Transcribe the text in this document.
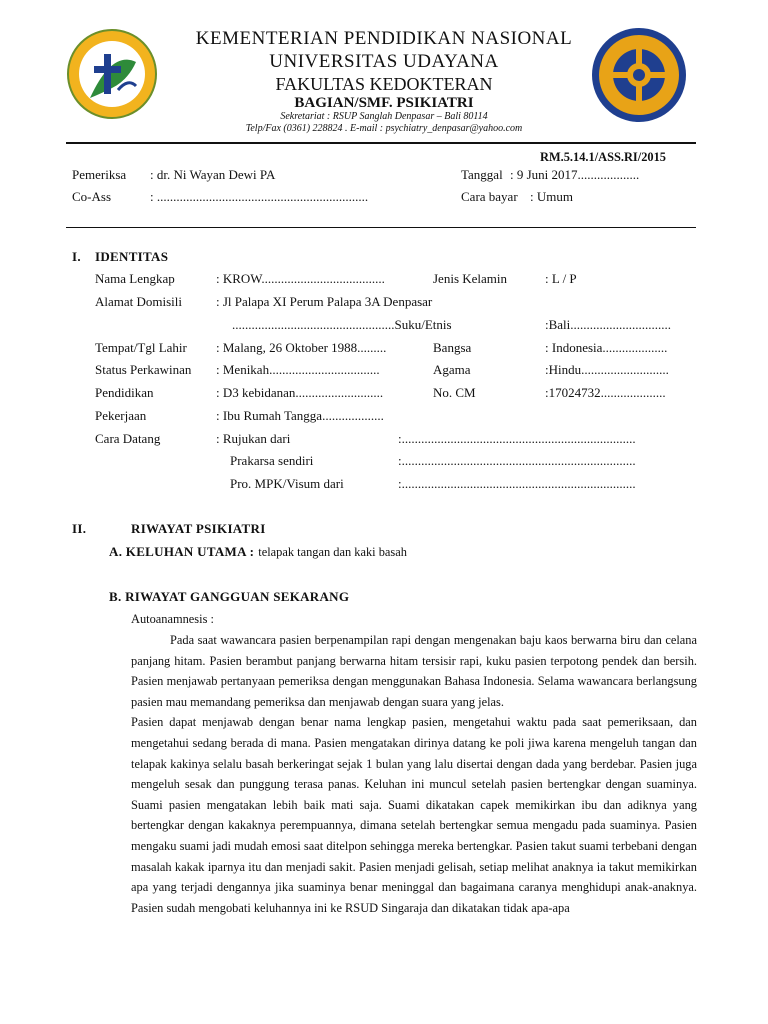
KEMENTERIAN PENDIDIKAN NASIONAL
UNIVERSITAS UDAYANA
FAKULTAS KEDOKTERAN
BAGIAN/SMF. PSIKIATRI
Sekretariat : RSUP Sanglah Denpasar – Bali 80114
Telp/Fax (0361) 228824 . E-mail : psychiatry_denpasar@yahoo.com
RM.5.14.1/ASS.RI/2015
Pemeriksa : dr. Ni Wayan Dewi PA	Tanggal : 9 Juni 2017...................
Co-Ass	: .................................................................	Cara bayar : Umum
I. IDENTITAS
Nama Lengkap	: KROW......................................	Jenis Kelamin	: L / P
Alamat Domisili	: Jl Palapa XI Perum Palapa 3A Denpasar
..................................................Suku/Etnis	:Bali...............................
Tempat/Tgl Lahir : Malang, 26 Oktober 1988.........	Bangsa	: Indonesia....................
Status Perkawinan : Menikah..................................	Agama	:Hindu...........................
Pendidikan	: D3 kebidanan...........................	No. CM	:17024732....................
Pekerjaan	: Ibu Rumah Tangga...................
Cara Datang	: Rujukan dari	:........................................................................
Prakarsa sendiri	:........................................................................
Pro. MPK/Visum dari	:........................................................................
II.	RIWAYAT PSIKIATRI
A. KELUHAN UTAMA : telapak tangan dan kaki basah
B. RIWAYAT GANGGUAN SEKARANG
Autoanamnesis :

Pada saat wawancara pasien berpenampilan rapi dengan mengenakan baju kaos berwarna biru dan celana panjang hitam. Pasien berambut panjang berwarna hitam tersisir rapi, kuku pasien terpotong pendek dan bersih. Pasien menjawab pertanyaan pemeriksa dengan menggunakan Bahasa Indonesia. Selama wawancara berlangsung pasien mau memandang pemeriksa dan menjawab dengan suara yang jelas.

Pasien dapat menjawab dengan benar nama lengkap pasien, mengetahui waktu pada saat pemeriksaan, dan mengetahui sedang berada di mana. Pasien mengatakan dirinya datang ke poli jiwa karena mengeluh tangan dan telapak kakinya selalu basah berkeringat sejak 1 bulan yang lalu disertai dengan dada yang berdebar. Pasien juga mengeluh sesak dan punggung terasa panas. Keluhan ini muncul setelah pasien bertengkar dengan suaminya. Suami pasien mengatakan lebih baik mati saja. Suami dikatakan capek memikirkan ibu dan adiknya yang bertengkar dengan kakaknya perempuannya, dimana setelah bertengkar semua mengadu pada suaminya. Pasien mengaku suami jadi mudah emosi saat ditelpon sehingga mereka bertengkar. Pasien takut suami terbebani dengan masalah kakak iparnya itu dan menjadi sakit. Pasien menjadi gelisah, setiap melihat anaknya ia takut memikirkan apa yang terjadi dengannya jika suaminya benar meninggal dan bagaimana caranya menghidupi anak-anaknya. Pasien sudah mengobati keluhannya ini ke RSUD Singaraja dan dikatakan tidak apa-apa
